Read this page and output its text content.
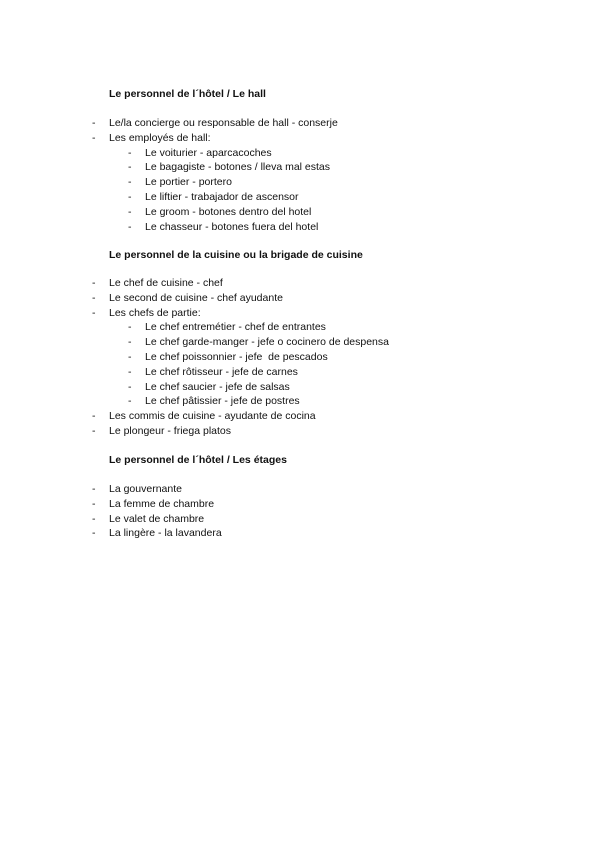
Le personnel de l´hôtel / Le hall
- Le/la concierge ou responsable de hall - conserje
- Les employés de hall:
- Le voiturier - aparcacoches
- Le bagagiste - botones / lleva mal estas
- Le portier - portero
- Le liftier - trabajador de ascensor
- Le groom - botones dentro del hotel
- Le chasseur - botones fuera del hotel
Le personnel de la cuisine ou la brigade de cuisine
- Le chef de cuisine - chef
- Le second de cuisine - chef ayudante
- Les chefs de partie:
- Le chef entremétier - chef de entrantes
- Le chef garde-manger - jefe o cocinero de despensa
- Le chef poissonnier - jefe  de pescados
- Le chef rôtisseur - jefe de carnes
- Le chef saucier - jefe de salsas
- Le chef pâtissier - jefe de postres
- Les commis de cuisine - ayudante de cocina
- Le plongeur - friega platos
Le personnel de l´hôtel / Les étages
- La gouvernante
- La femme de chambre
- Le valet de chambre
- La lingère - la lavandera
